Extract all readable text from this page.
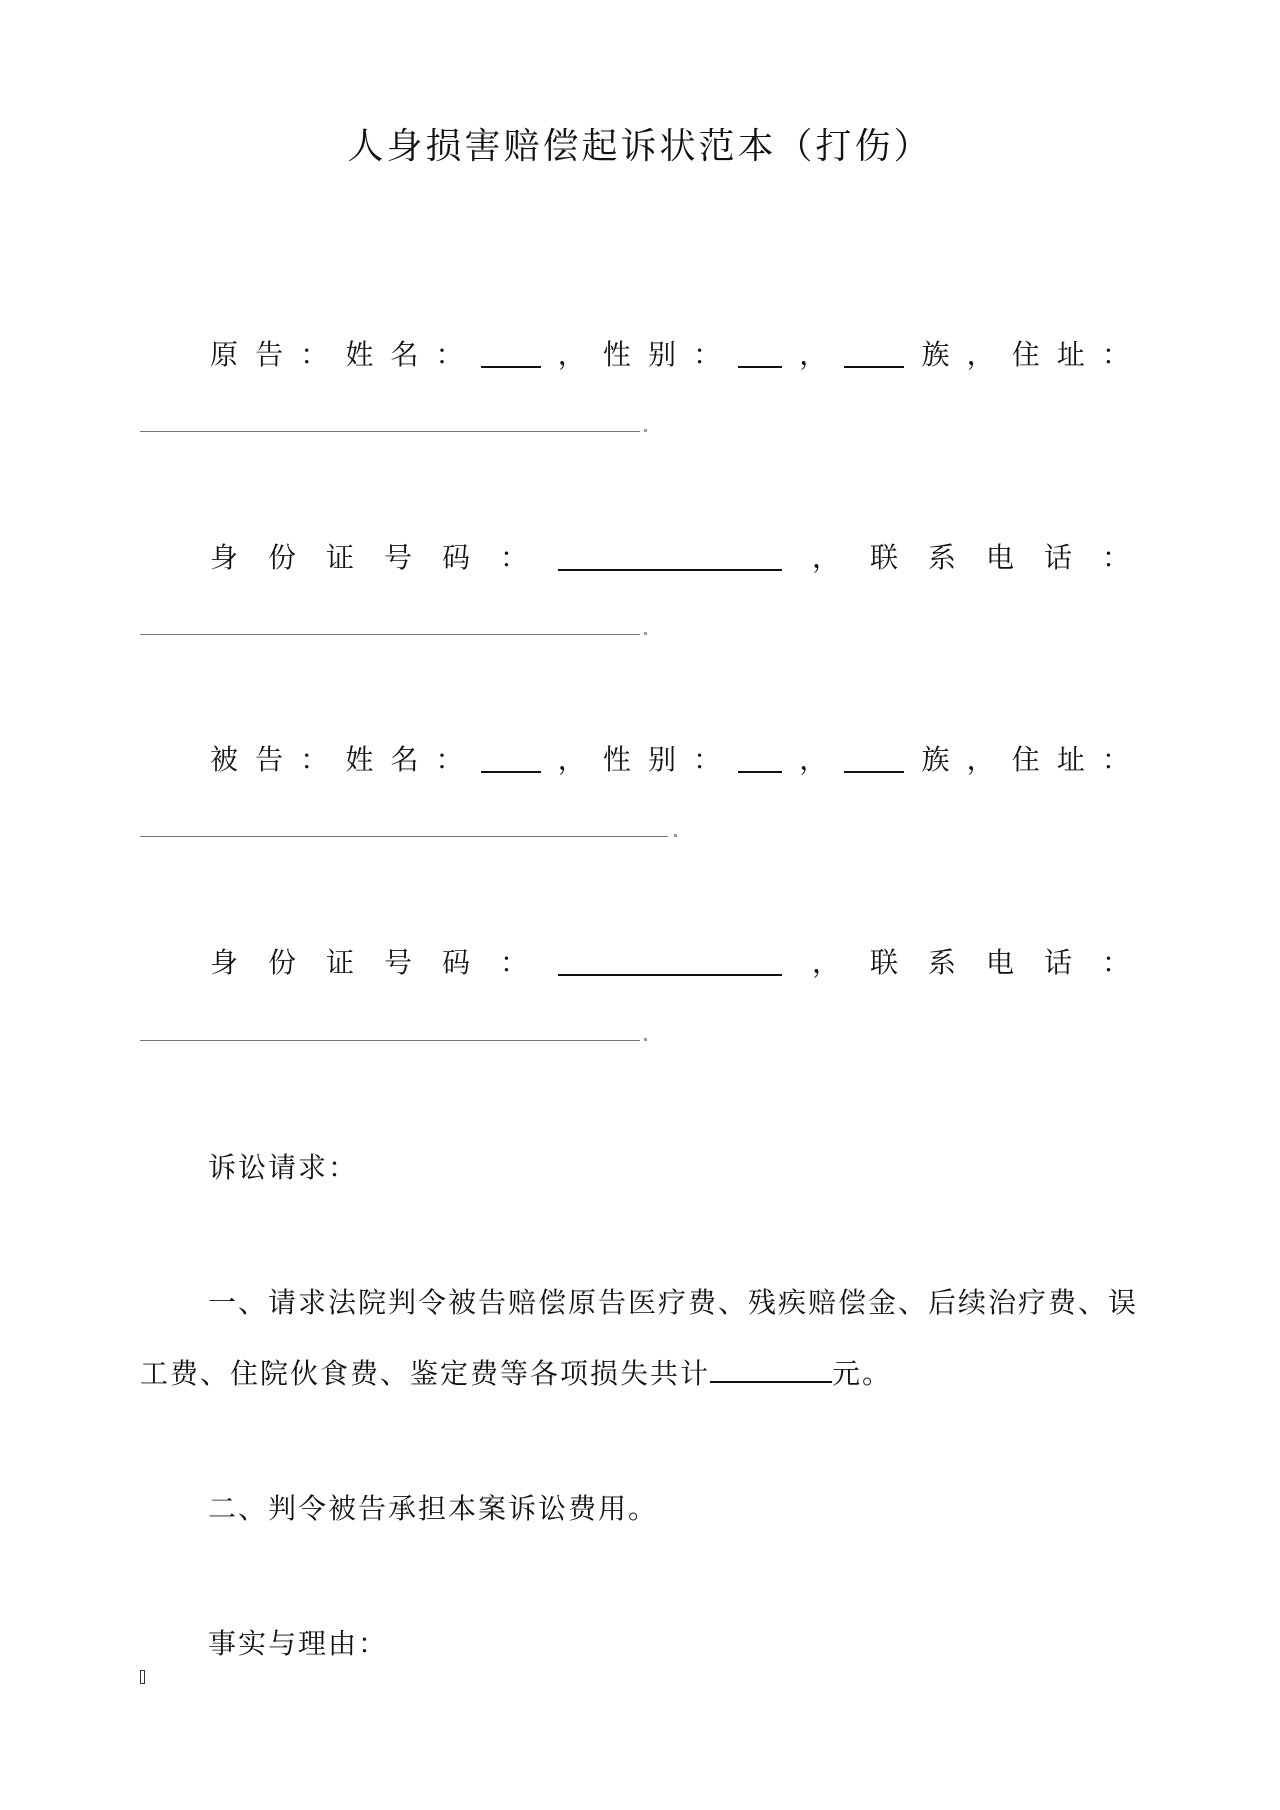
人身损害赔偿起诉状范本（打伤）
原 告 ： 姓 名 ：	， 性 别 ：	，	族 ， 住 址 ：
身 份 证 号 码 ：	， 联 系 电 话 ：
被 告 ： 姓 名 ：	， 性 别 ：	，	族 ， 住 址 ：
身 份 证 号 码 ：	， 联 系 电 话 ：
诉讼请求：
一、请求法院判令被告赔偿原告医疗费、残疾赔偿金、后续治疗费、误
工费、住院伙食费、鉴定费等各项损失共计	元。
二、判令被告承担本案诉讼费用。
事实与理由：
